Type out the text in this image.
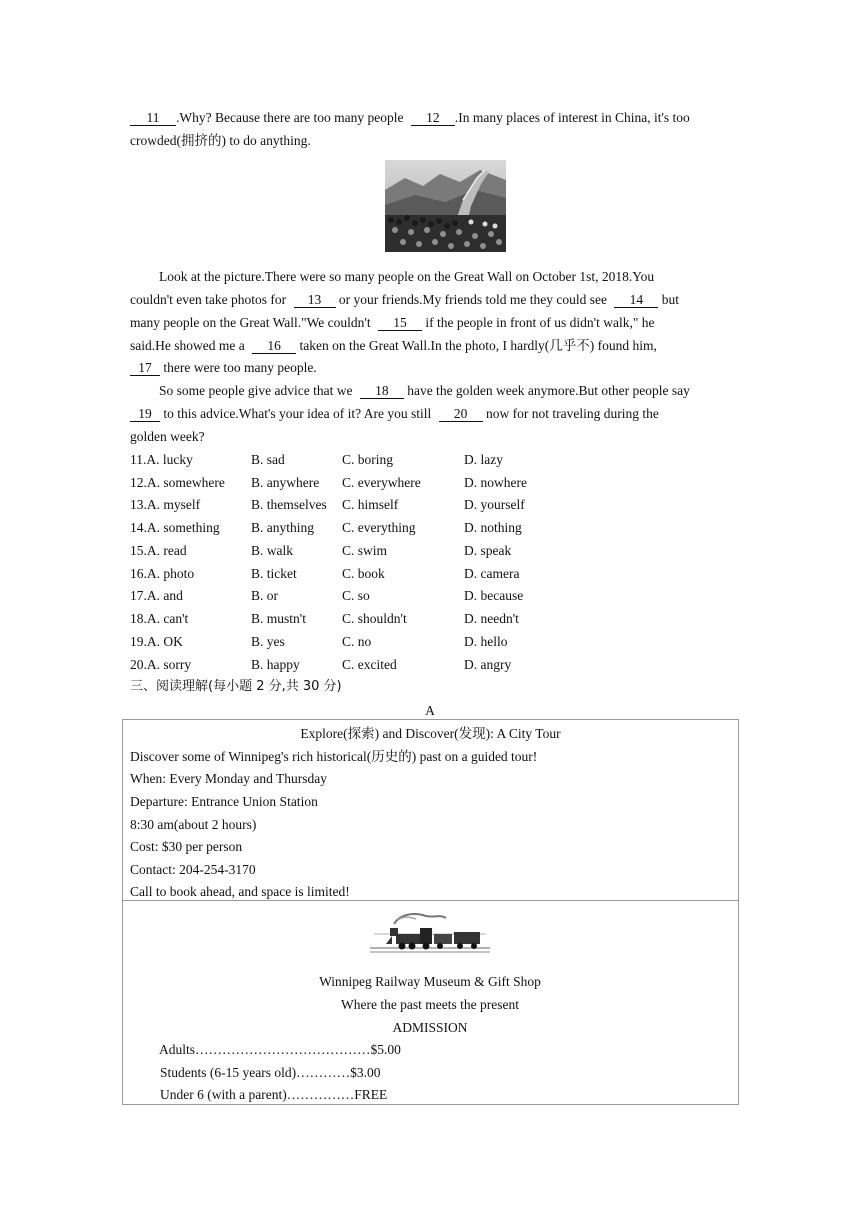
11 .Why? Because there are too many people 12 .In many places of interest in China, it's too
crowded(拥挤的) to do anything.
Look at the picture.There were so many people on the Great Wall on October 1st, 2018.You
couldn't even take photos for 13 or your friends.My friends told me they could see 14 but
many people on the Great Wall."We couldn't 15 if the people in front of us didn't walk," he
said.He showed me a 16 taken on the Great Wall.In the photo, I hardly(几乎不) found him,
17 there were too many people.
So some people give advice that we 18 have the golden week anymore.But other people say
19 to this advice.What's your idea of it? Are you still 20 now for not traveling during the
golden week?
11.A. lucky	B. sad	C. boring	D. lazy
12.A. somewhere B. anywhere C. everywhere	D. nowhere
13.A. myself	B. themselves C. himself	D. yourself
14.A. something B. anything C. everything	D. nothing
15.A. read	B. walk	C. swim	D. speak
16.A. photo	B. ticket	C. book	D. camera
17.A. and	B. or	C. so	D. because
18.A. can't	B. mustn't	C. shouldn't	D. needn't
19.A. OK	B. yes	C. no	D. hello
20.A. sorry	B. happy	C. excited	D. angry
三、阅读理解(每小题 2 分,共 30 分)
A
Explore(探索) and Discover(发现): A City Tour
Discover some of Winnipeg's rich historical(历史的) past on a guided tour!
When: Every Monday and Thursday
Departure: Entrance Union Station
8:30 am(about 2 hours)
Cost: $30 per person
Contact: 204-254-3170
Call to book ahead, and space is limited!
Winnipeg Railway Museum & Gift Shop
Where the past meets the present
ADMISSION
Adults…………………………………$5.00
Students (6-15 years old)…………$3.00
Under 6 (with a parent)……………FREE
